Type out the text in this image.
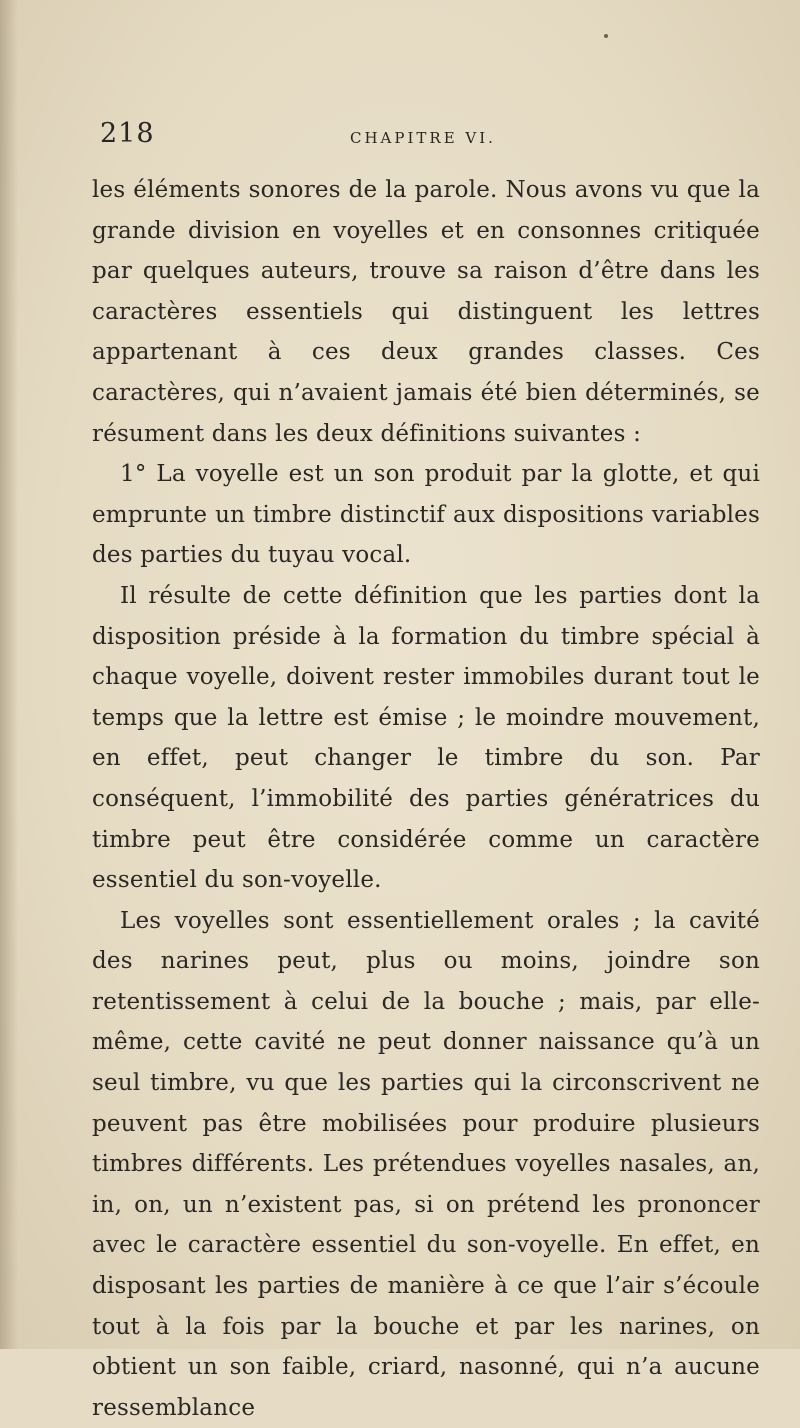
218	CHAPITRE VI.

les éléments sonores de la parole. Nous avons vu que la grande division en voyelles et en consonnes critiquée par quelques auteurs, trouve sa raison d’être dans les caractères essentiels qui distinguent les lettres appartenant à ces deux grandes classes. Ces caractères, qui n’avaient jamais été bien déterminés, se résument dans les deux définitions suivantes :

1° La voyelle est un son produit par la glotte, et qui emprunte un timbre distinctif aux dispositions variables des parties du tuyau vocal.

Il résulte de cette définition que les parties dont la disposition préside à la formation du timbre spécial à chaque voyelle, doivent rester immobiles durant tout le temps que la lettre est émise ; le moindre mouvement, en effet, peut changer le timbre du son. Par conséquent, l’immobilité des parties génératrices du timbre peut être considérée comme un caractère essentiel du son-voyelle.

Les voyelles sont essentiellement orales ; la cavité des narines peut, plus ou moins, joindre son retentissement à celui de la bouche ; mais, par elle-même, cette cavité ne peut donner naissance qu’à un seul timbre, vu que les parties qui la circonscrivent ne peuvent pas être mobilisées pour produire plusieurs timbres différents. Les prétendues voyelles nasales, an, in, on, un n’existent pas, si on prétend les prononcer avec le caractère essentiel du son-voyelle. En effet, en disposant les parties de manière à ce que l’air s’écoule tout à la fois par la bouche et par les narines, on obtient un son faible, criard, nasonné, qui n’a aucune ressemblance
